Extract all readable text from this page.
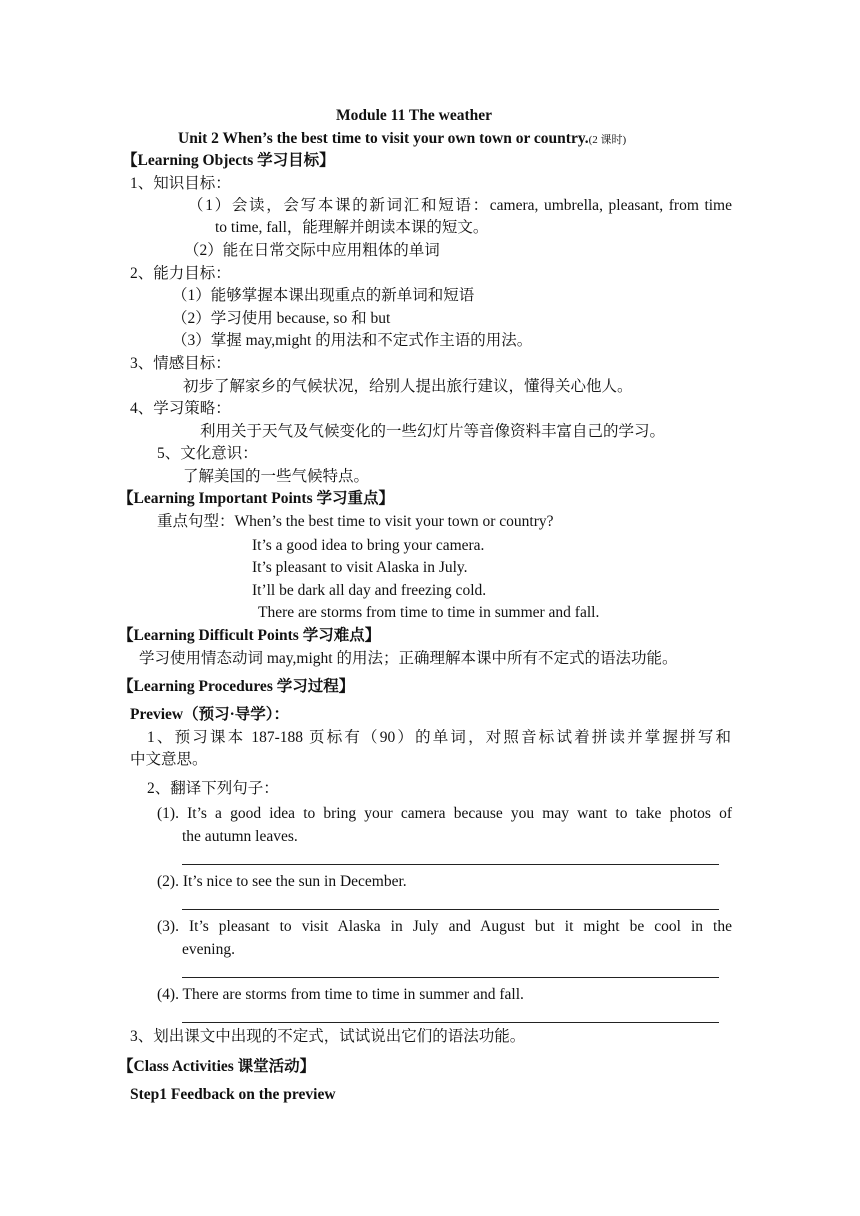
Module 11 The weather
Unit 2 When’s the best time to visit your own town or country.(2 课时)
【Learning Objects 学习目标】
1、知识目标：
（1）会读，会写本课的新词汇和短语：camera, umbrella, pleasant, from time
to time, fall，能理解并朗读本课的短文。
（2）能在日常交际中应用粗体的单词
2、能力目标：
（1）能够掌握本课出现重点的新单词和短语
（2）学习使用 because, so 和 but
（3）掌握 may,might 的用法和不定式作主语的用法。
3、情感目标：
初步了解家乡的气候状况，给别人提出旅行建议，懂得关心他人。
4、学习策略：
利用关于天气及气候变化的一些幻灯片等音像资料丰富自己的学习。
5、文化意识：
了解美国的一些气候特点。
【Learning Important Points 学习重点】
重点句型：When’s the best time to visit your town or country?
It’s a good idea to bring your camera.
It’s pleasant to visit Alaska in July.
It’ll be dark all day and freezing cold.
There are storms from time to time in summer and fall.
【Learning Difficult Points 学习难点】
学习使用情态动词 may,might 的用法；正确理解本课中所有不定式的语法功能。
【Learning Procedures 学习过程】
Preview（预习·导学）：
1、预习课本 187-188 页标有（90）的单词，对照音标试着拼读并掌握拼写和
中文意思。
2、翻译下列句子：
(1). It’s a good idea to bring your camera because you may want to take photos of
the autumn leaves.
(2). It’s nice to see the sun in December.
(3). It’s pleasant to visit Alaska in July and August but it might be cool in the
evening.
(4). There are storms from time to time in summer and fall.
3、划出课文中出现的不定式，试试说出它们的语法功能。
【Class Activities 课堂活动】
Step1 Feedback on the preview
